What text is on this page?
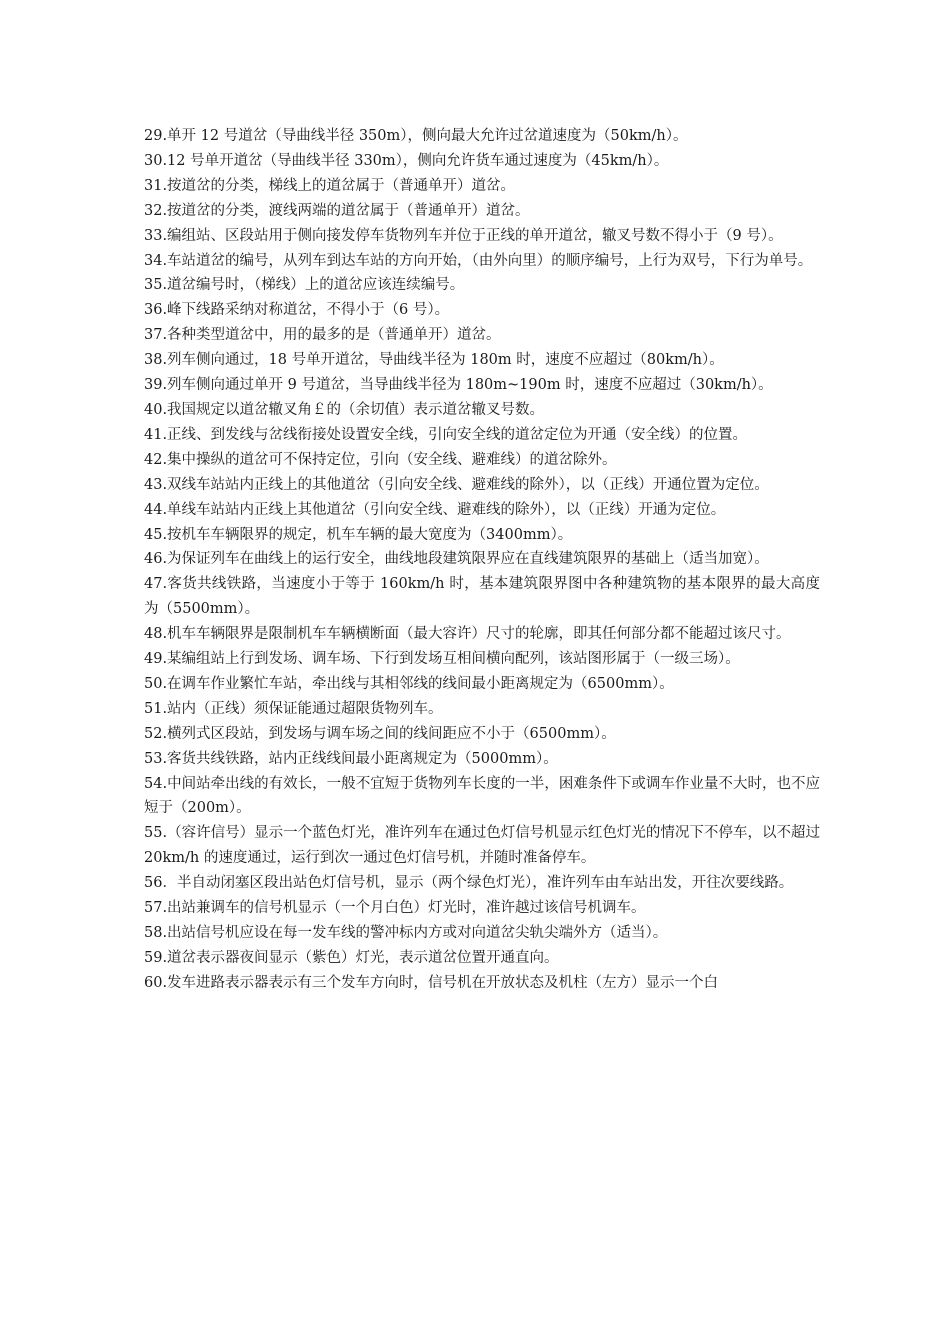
29.单开 12 号道岔（导曲线半径 350m），侧向最大允许过岔道速度为（50km/h）。

30.12 号单开道岔（导曲线半径 330m），侧向允许货车通过速度为（45km/h）。

31.按道岔的分类，梯线上的道岔属于（普通单开）道岔。

32.按道岔的分类，渡线两端的道岔属于（普通单开）道岔。

33.编组站、区段站用于侧向接发停车货物列车并位于正线的单开道岔，辙叉号数不得小于（9 号）。

34.车站道岔的编号，从列车到达车站的方向开始，（由外向里）的顺序编号，上行为双号，下行为单号。

35.道岔编号时，（梯线）上的道岔应该连续编号。

36.峰下线路采纳对称道岔，不得小于（6 号）。

37.各种类型道岔中，用的最多的是（普通单开）道岔。

38.列车侧向通过，18 号单开道岔，导曲线半径为 180m 时，速度不应超过（80km/h）。

39.列车侧向通过单开 9 号道岔，当导曲线半径为 180m~190m 时，速度不应超过（30km/h）。

40.我国规定以道岔辙叉角￡的（余切值）表示道岔辙叉号数。

41.正线、到发线与岔线衔接处设置安全线，引向安全线的道岔定位为开通（安全线）的位置。

42.集中操纵的道岔可不保持定位，引向（安全线、避难线）的道岔除外。

43.双线车站站内正线上的其他道岔（引向安全线、避难线的除外），以（正线）开通位置为定位。

44.单线车站站内正线上其他道岔（引向安全线、避难线的除外），以（正线）开通为定位。

45.按机车车辆限界的规定，机车车辆的最大宽度为（3400mm）。

46.为保证列车在曲线上的运行安全，曲线地段建筑限界应在直线建筑限界的基础上（适当加宽）。

47.客货共线铁路，当速度小于等于 160km/h 时，基本建筑限界图中各种建筑物的基本限界的最大高度为（5500mm）。

48.机车车辆限界是限制机车车辆横断面（最大容许）尺寸的轮廓，即其任何部分都不能超过该尺寸。

49.某编组站上行到发场、调车场、下行到发场互相间横向配列，该站图形属于（一级三场）。

50.在调车作业繁忙车站，牵出线与其相邻线的线间最小距离规定为（6500mm）。

51.站内（正线）须保证能通过超限货物列车。

52.横列式区段站，到发场与调车场之间的线间距应不小于（6500mm）。

53.客货共线铁路，站内正线线间最小距离规定为（5000mm）。

54.中间站牵出线的有效长，一般不宜短于货物列车长度的一半，困难条件下或调车作业量不大时，也不应短于（200m）。

55.（容许信号）显示一个蓝色灯光，准许列车在通过色灯信号机显示红色灯光的情况下不停车，以不超过 20km/h 的速度通过，运行到次一通过色灯信号机，并随时准备停车。

56．半自动闭塞区段出站色灯信号机，显示（两个绿色灯光），准许列车由车站出发，开往次要线路。

57.出站兼调车的信号机显示（一个月白色）灯光时，准许越过该信号机调车。

58.出站信号机应设在每一发车线的警冲标内方或对向道岔尖轨尖端外方（适当）。

59.道岔表示器夜间显示（紫色）灯光，表示道岔位置开通直向。

60.发车进路表示器表示有三个发车方向时，信号机在开放状态及机柱（左方）显示一个白
